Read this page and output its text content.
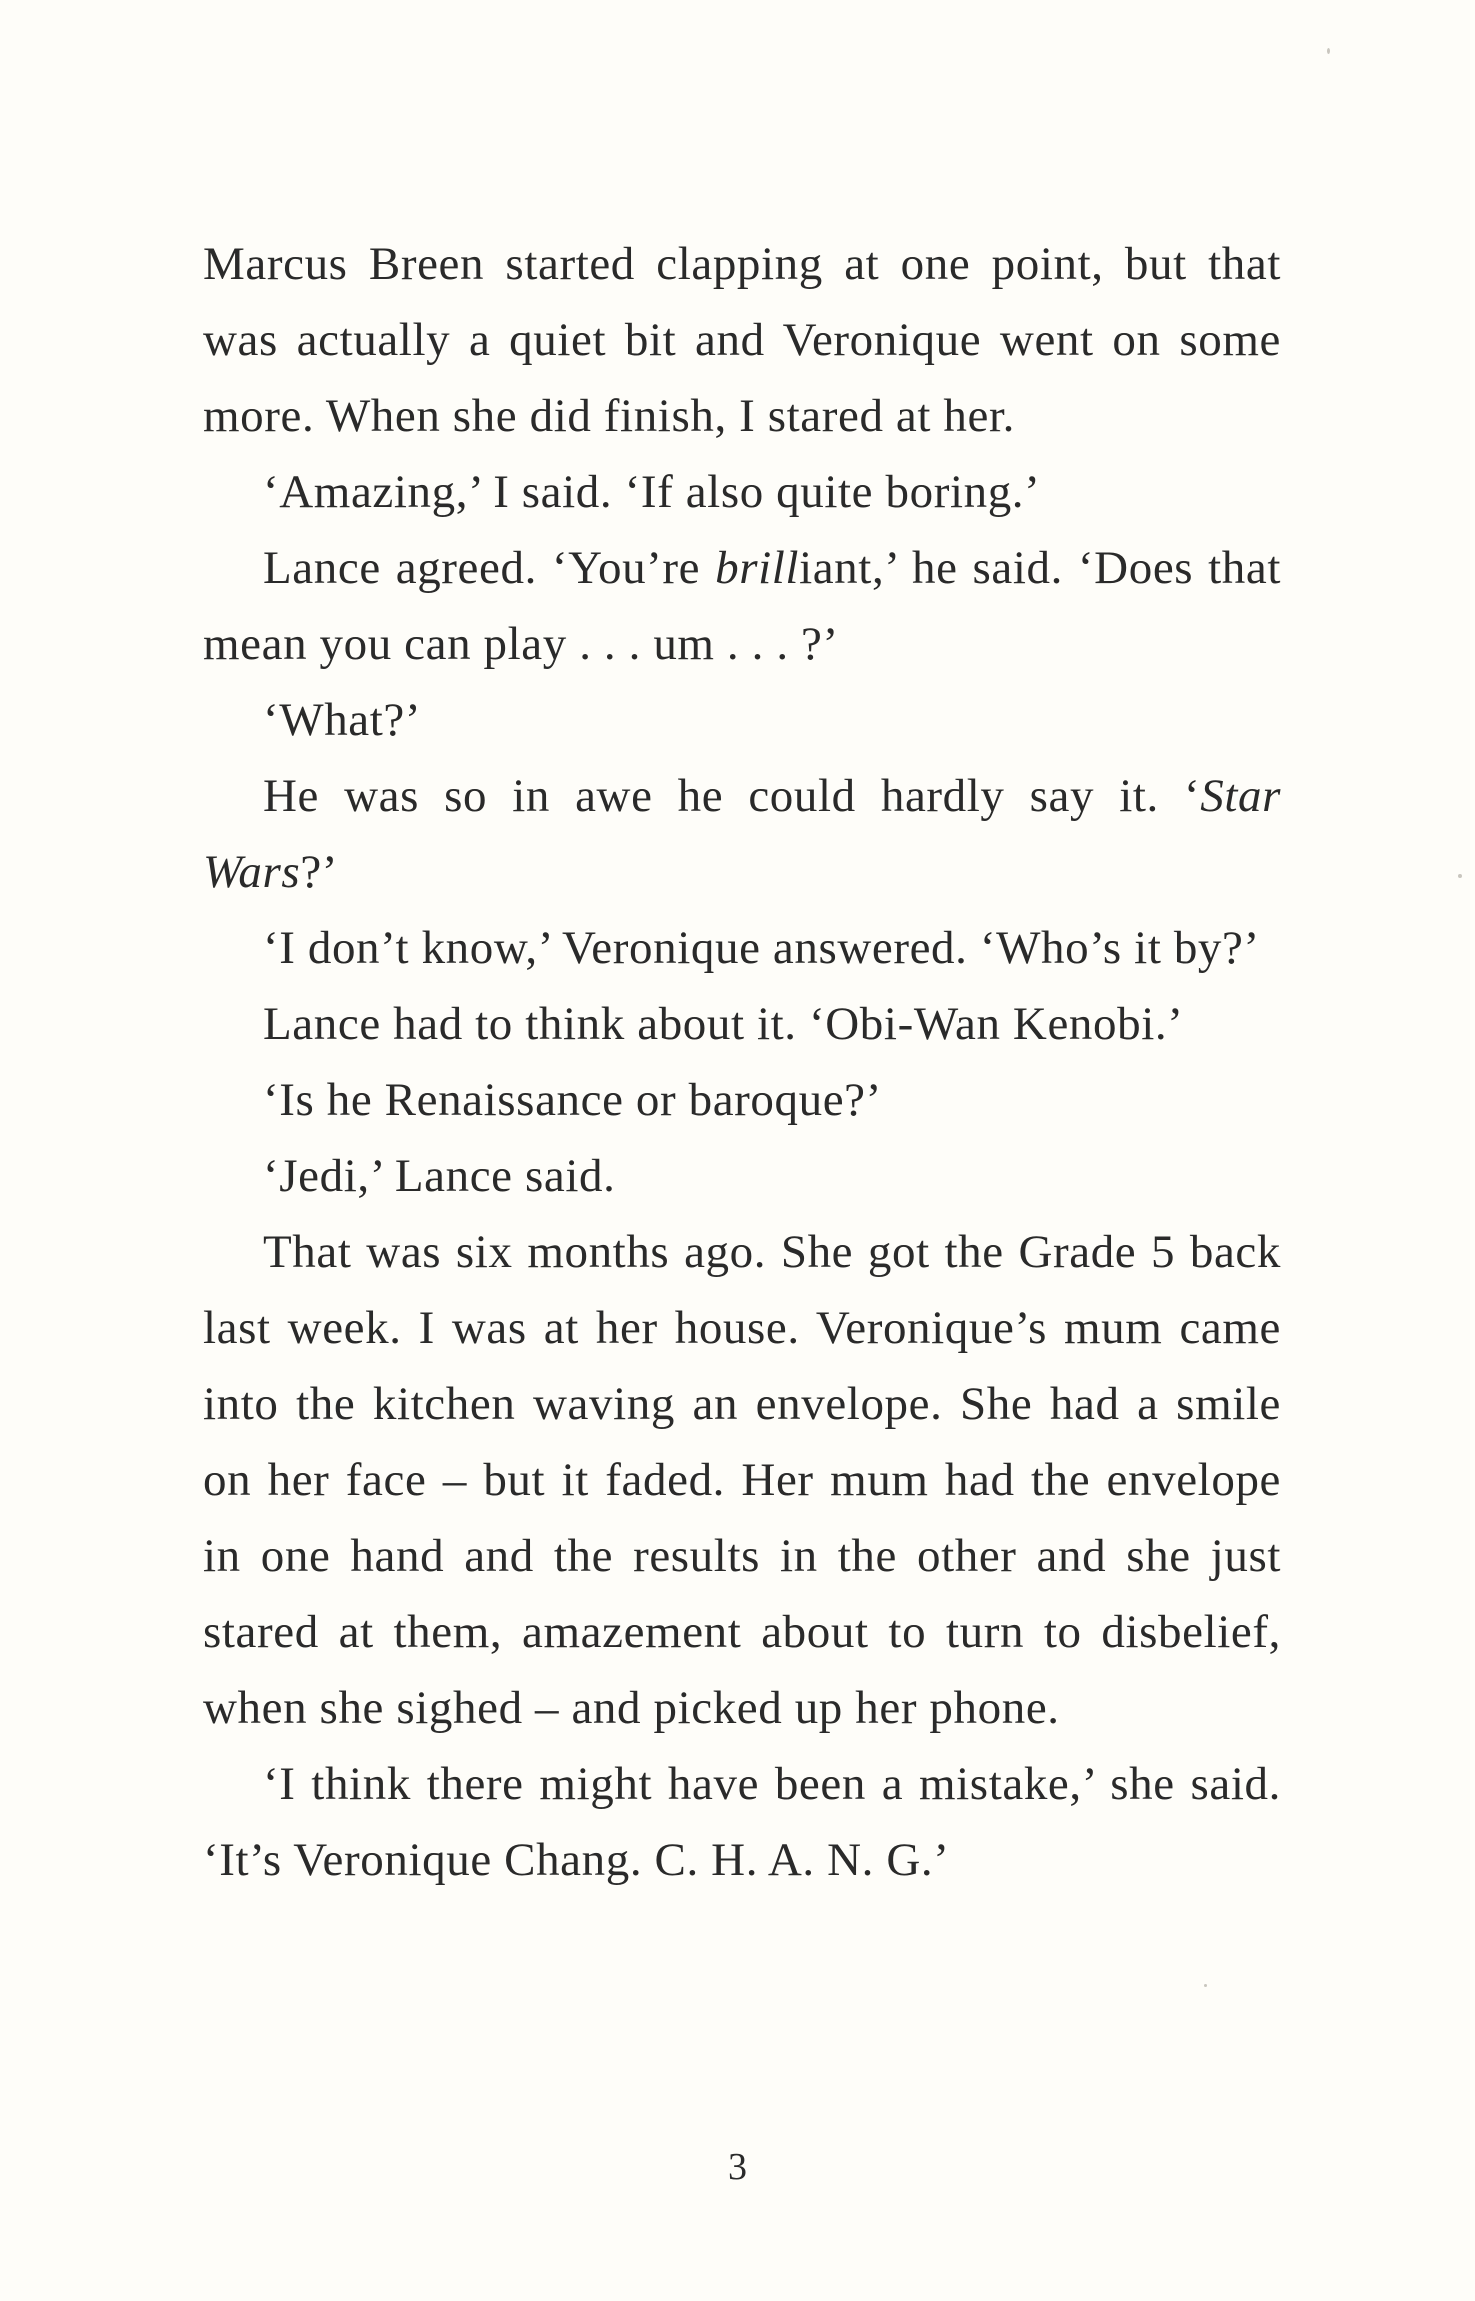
Marcus Breen started clapping at one point, but that was actually a quiet bit and Veronique went on some more. When she did finish, I stared at her.

‘Amazing,’ I said. ‘If also quite boring.’

Lance agreed. ‘You’re brilliant,’ he said. ‘Does that mean you can play . . . um . . . ?’

‘What?’

He was so in awe he could hardly say it. ‘Star Wars?’

‘I don’t know,’ Veronique answered. ‘Who’s it by?’

Lance had to think about it. ‘Obi-Wan Kenobi.’

‘Is he Renaissance or baroque?’

‘Jedi,’ Lance said.

That was six months ago. She got the Grade 5 back last week. I was at her house. Veronique’s mum came into the kitchen waving an envelope. She had a smile on her face – but it faded. Her mum had the envelope in one hand and the results in the other and she just stared at them, amazement about to turn to disbelief, when she sighed – and picked up her phone.

‘I think there might have been a mistake,’ she said. ‘It’s Veronique Chang. C. H. A. N. G.’

3
